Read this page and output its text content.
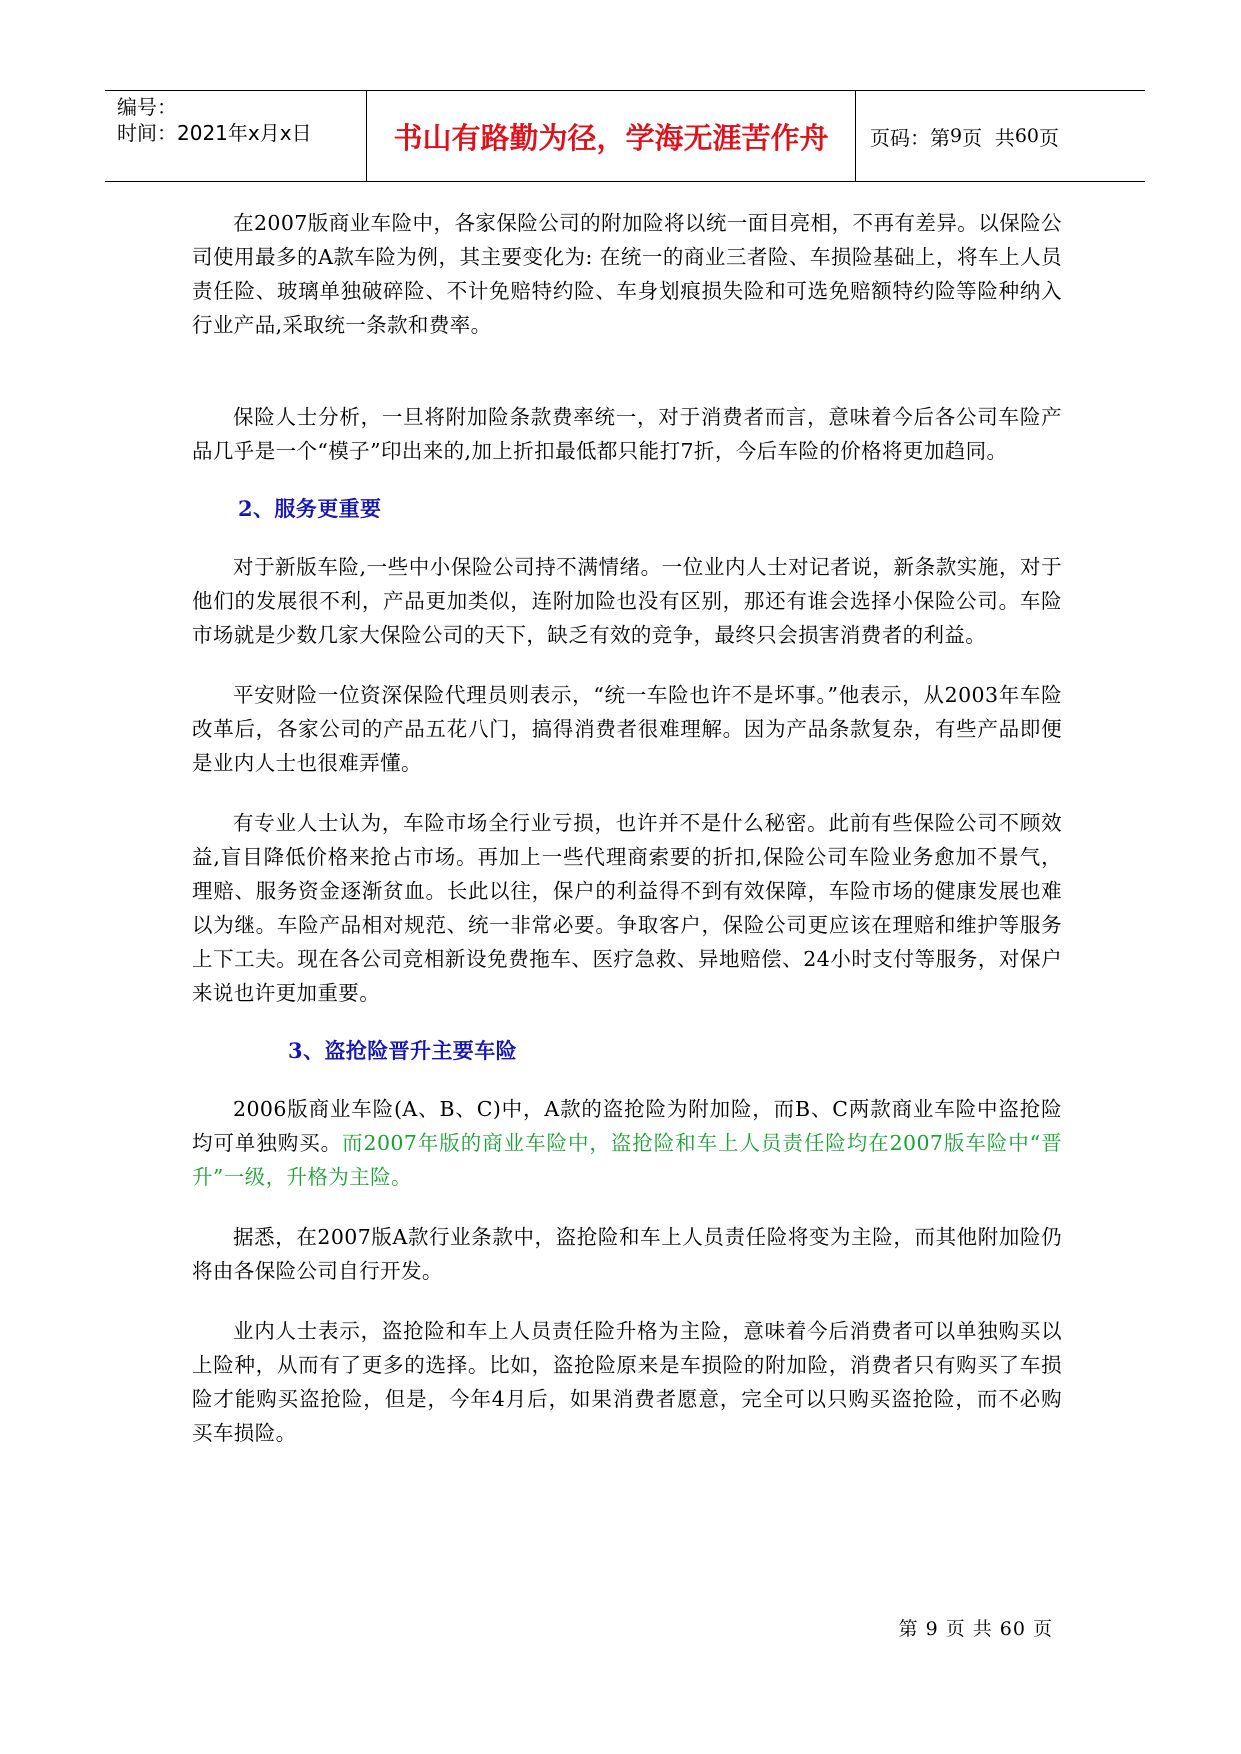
编号：
时间：2021年x月x日	书山有路勤为径，学海无涯苦作舟	页码：第 9 页  共 60 页

在2007版商业车险中，各家保险公司的附加险将以统一面目亮相，不再有差异。以保险公司使用最多的A款车险为例，其主要变化为: 在统一的商业三者险、车损险基础上，将车上人员责任险、玻璃单独破碎险、不计免赔特约险、车身划痕损失险和可选免赔额特约险等险种纳入行业产品,采取统一条款和费率。

保险人士分析，一旦将附加险条款费率统一，对于消费者而言，意味着今后各公司车险产品几乎是一个“模子”印出来的,加上折扣最低都只能打7折，今后车险的价格将更加趋同。

2、服务更重要

对于新版车险,一些中小保险公司持不满情绪。一位业内人士对记者说，新条款实施，对于他们的发展很不利，产品更加类似，连附加险也没有区别，那还有谁会选择小保险公司。车险市场就是少数几家大保险公司的天下，缺乏有效的竞争，最终只会损害消费者的利益。

平安财险一位资深保险代理员则表示，“统一车险也许不是坏事。”他表示，从2003年车险改革后，各家公司的产品五花八门，搞得消费者很难理解。因为产品条款复杂，有些产品即便是业内人士也很难弄懂。

有专业人士认为，车险市场全行业亏损，也许并不是什么秘密。此前有些保险公司不顾效益,盲目降低价格来抢占市场。再加上一些代理商索要的折扣,保险公司车险业务愈加不景气，理赔、服务资金逐渐贫血。长此以往，保户的利益得不到有效保障，车险市场的健康发展也难以为继。车险产品相对规范、统一非常必要。争取客户，保险公司更应该在理赔和维护等服务上下工夫。现在各公司竞相新设免费拖车、医疗急救、异地赔偿、24小时支付等服务，对保户来说也许更加重要。

3、盗抢险晋升主要车险

2006版商业车险(A、B、C)中，A款的盗抢险为附加险，而B、C两款商业车险中盗抢险均可单独购买。而2007年版的商业车险中，盗抢险和车上人员责任险均在2007版车险中“晋升”一级，升格为主险。

据悉，在2007版A款行业条款中，盗抢险和车上人员责任险将变为主险，而其他附加险仍将由各保险公司自行开发。

业内人士表示，盗抢险和车上人员责任险升格为主险，意味着今后消费者可以单独购买以上险种，从而有了更多的选择。比如，盗抢险原来是车损险的附加险，消费者只有购买了车损险才能购买盗抢险，但是，今年4月后，如果消费者愿意，完全可以只购买盗抢险，而不必购买车损险。

第 9 页 共 60 页
